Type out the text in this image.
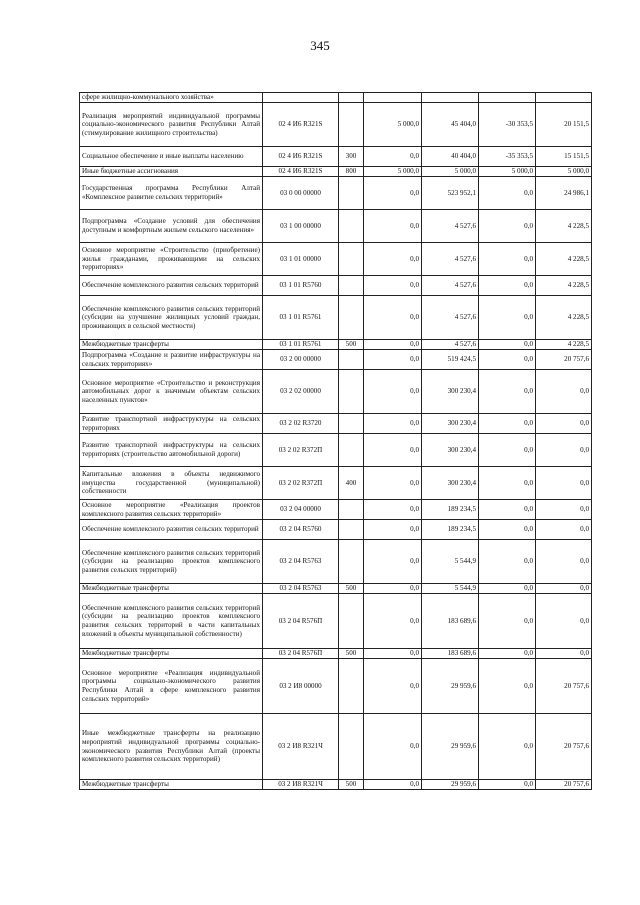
345
сфере жилищно-коммунального хозяйства»						
Реализация мероприятий индивидуальной программы социально-экономического развития Республики Алтай (стимулирование жилищного строительства)	02 4 И6 R321S		5 000,0	45 404,0	-30 353,5	20 151,5
Социальное обеспечение и иные выплаты населению	02 4 И6 R321S	300	0,0	40 404,0	-35 353,5	15 151,5
Иные бюджетные ассигнования	02 4 И6 R321S	800	5 000,0	5 000,0	5 000,0	5 000,0
Государственная программа Республики Алтай «Комплексное развитие сельских территорий»	03 0 00 00000		0,0	523 952,1	0,0	24 986,1
Подпрограмма «Создание условий для обеспечения доступным и комфортным жильем сельского населения»	03 1 00 00000		0,0	4 527,6	0,0	4 228,5
Основное мероприятие «Строительство (приобретение) жилья гражданами, проживающими на сельских территориях»	03 1 01 00000		0,0	4 527,6	0,0	4 228,5
Обеспечение комплексного развития сельских территорий	03 1 01 R5760		0,0	4 527,6	0,0	4 228,5
Обеспечение комплексного развития сельских территорий (субсидии на улучшение жилищных условий граждан, проживающих в сельской местности)	03 1 01 R5761		0,0	4 527,6	0,0	4 228,5
Межбюджетные трансферты	03 1 01 R5761	500	0,0	4 527,6	0,0	4 228,5
Подпрограмма «Создание и развитие инфраструктуры на сельских территориях»	03 2 00 00000		0,0	519 424,5	0,0	20 757,6
Основное мероприятие «Строительство и реконструкция автомобильных дорог к значимым объектам сельских населенных пунктов»	03 2 02 00000		0,0	300 230,4	0,0	0,0
Развитие транспортной инфраструктуры на сельских территориях	03 2 02 R3720		0,0	300 230,4	0,0	0,0
Развитие транспортной инфраструктуры на сельских территориях (строительство автомобильной дороги)	03 2 02 R372П		0,0	300 230,4	0,0	0,0
Капитальные вложения в объекты недвижимого имущества государственной (муниципальной) собственности	03 2 02 R372П	400	0,0	300 230,4	0,0	0,0
Основное мероприятие «Реализация проектов комплексного развития сельских территорий»	03 2 04 00000		0,0	189 234,5	0,0	0,0
Обеспечение комплексного развития сельских территорий	03 2 04 R5760		0,0	189 234,5	0,0	0,0
Обеспечение комплексного развития сельских территорий (субсидии на реализацию проектов комплексного развития сельских территорий)	03 2 04 R5763		0,0	5 544,9	0,0	0,0
Межбюджетные трансферты	03 2 04 R5763	500	0,0	5 544,9	0,0	0,0
Обеспечение комплексного развития сельских территорий (субсидии на реализацию проектов комплексного развития сельских территорий в части капитальных вложений в объекты муниципальной собственности)	03 2 04 R576П		0,0	183 689,6	0,0	0,0
Межбюджетные трансферты	03 2 04 R576П	500	0,0	183 689,6	0,0	0,0
Основное мероприятие «Реализация индивидуальной программы социально-экономического развития Республики Алтай в сфере комплексного развития сельских территорий»	03 2 И8 00000		0,0	29 959,6	0,0	20 757,6
Иные межбюджетные трансферты на реализацию мероприятий индивидуальной программы социально-экономического развития Республики Алтай (проекты комплексного развития сельских территорий)	03 2 И8 R321Ч		0,0	29 959,6	0,0	20 757,6
Межбюджетные трансферты	03 2 И8 R321Ч	500	0,0	29 959,6	0,0	20 757,6
